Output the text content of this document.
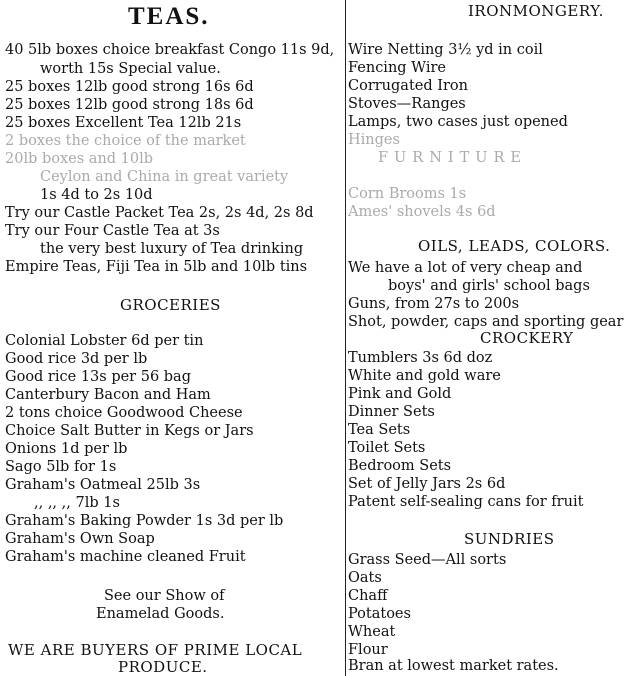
TEAS.
40 5lb boxes choice breakfast Congo 11s 9d,
worth 15s Special value.
25 boxes 12lb good strong 16s 6d
25 boxes 12lb good strong 18s 6d
25 boxes Excellent Tea 12lb 21s
2 boxes the choice of the market
20lb boxes and 10lb
Ceylon and China in great variety
1s 4d to 2s 10d
Try our Castle Packet Tea 2s, 2s 4d, 2s 8d
Try our Four Castle Tea at 3s
the very best luxury of Tea drinking
Empire Teas, Fiji Tea in 5lb and 10lb tins
GROCERIES
Colonial Lobster 6d per tin
Good rice 3d per lb
Good rice 13s per 56 bag
Canterbury Bacon and Ham
2 tons choice Goodwood Cheese
Choice Salt Butter in Kegs or Jars
Onions 1d per lb
Sago 5lb for 1s
Graham's Oatmeal 25lb 3s
,, ,, ,, 7lb 1s
Graham's Baking Powder 1s 3d per lb
Graham's Own Soap
Graham's machine cleaned Fruit
See our Show of
Enamelad Goods.
WE ARE BUYERS OF PRIME LOCAL
PRODUCE.
IRONMONGERY.
Wire Netting 3½ yd in coil
Fencing Wire
Corrugated Iron
Stoves—Ranges
Lamps, two cases just opened
Hinges
FURNITURE
Corn Brooms 1s
Ames' shovels 4s 6d
OILS, LEADS, COLORS.
We have a lot of very cheap and
boys' and girls' school bags
Guns, from 27s to 200s
Shot, powder, caps and sporting gear
CROCKERY
Tumblers 3s 6d doz
White and gold ware
Pink and Gold
Dinner Sets
Tea Sets
Toilet Sets
Bedroom Sets
Set of Jelly Jars 2s 6d
Patent self-sealing cans for fruit
SUNDRIES
Grass Seed—All sorts
Oats
Chaff
Potatoes
Wheat
Flour
Bran at lowest market rates.
